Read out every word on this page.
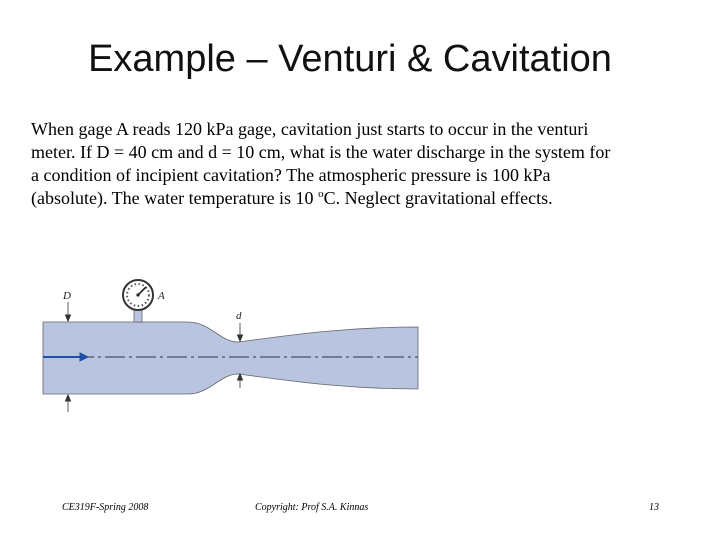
Example – Venturi & Cavitation

When gage A reads 120 kPa gage, cavitation just starts to occur in the venturi

meter. If D = 40 cm and d = 10 cm, what is the water discharge in the system for

a condition of incipient cavitation? The atmospheric pressure is 100 kPa

(absolute). The water temperature is 10 $^o$C. Neglect gravitational effects.

D	A
d
CE319F-Spring 2008	Copyright: Prof S.A. Kinnas	13
